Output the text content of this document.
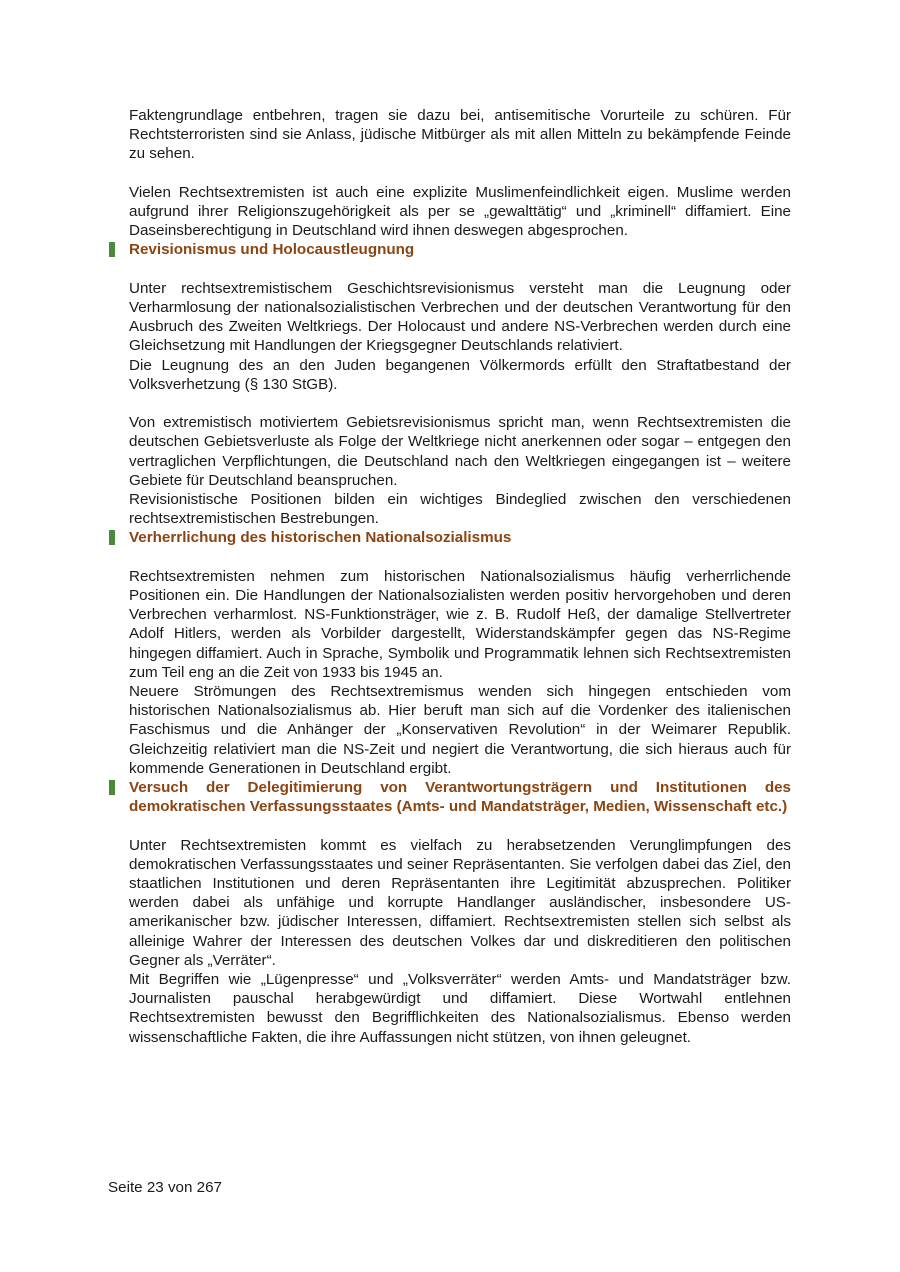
Faktengrundlage entbehren, tragen sie dazu bei, antisemitische Vorurteile zu schüren. Für Rechtsterroristen sind sie Anlass, jüdische Mitbürger als mit allen Mitteln zu bekämpfende Feinde zu sehen.

Vielen Rechtsextremisten ist auch eine explizite Muslimenfeindlichkeit eigen. Muslime werden aufgrund ihrer Religionszugehörigkeit als per se „gewalttätig“ und „kriminell“ diffamiert. Eine Daseinsberechtigung in Deutschland wird ihnen deswegen abgesprochen.

Revisionismus und Holocaustleugnung

Unter rechtsextremistischem Geschichtsrevisionismus versteht man die Leugnung oder Verharmlosung der nationalsozialistischen Verbrechen und der deutschen Verantwortung für den Ausbruch des Zweiten Weltkriegs. Der Holocaust und andere NS-Verbrechen werden durch eine Gleichsetzung mit Handlungen der Kriegsgegner Deutschlands relativiert.

Die Leugnung des an den Juden begangenen Völkermords erfüllt den Straftatbestand der Volksverhetzung (§ 130 StGB).

Von extremistisch motiviertem Gebietsrevisionismus spricht man, wenn Rechtsextremisten die deutschen Gebietsverluste als Folge der Weltkriege nicht anerkennen oder sogar – entgegen den vertraglichen Verpflichtungen, die Deutschland nach den Weltkriegen eingegangen ist – weitere Gebiete für Deutschland beanspruchen.

Revisionistische Positionen bilden ein wichtiges Bindeglied zwischen den verschiedenen rechtsextremistischen Bestrebungen.

Verherrlichung des historischen Nationalsozialismus

Rechtsextremisten nehmen zum historischen Nationalsozialismus häufig verherrlichende Positionen ein. Die Handlungen der Nationalsozialisten werden positiv hervorgehoben und deren Verbrechen verharmlost. NS-Funktionsträger, wie z. B. Rudolf Heß, der damalige Stellvertreter Adolf Hitlers, werden als Vorbilder dargestellt, Widerstandskämpfer gegen das NS-Regime hingegen diffamiert. Auch in Sprache, Symbolik und Programmatik lehnen sich Rechtsextremisten zum Teil eng an die Zeit von 1933 bis 1945 an.

Neuere Strömungen des Rechtsextremismus wenden sich hingegen entschieden vom historischen Nationalsozialismus ab. Hier beruft man sich auf die Vordenker des italienischen Faschismus und die Anhänger der „Konservativen Revolution“ in der Weimarer Republik. Gleichzeitig relativiert man die NS-Zeit und negiert die Verantwortung, die sich hieraus auch für kommende Generationen in Deutschland ergibt.

Versuch der Delegitimierung von Verantwortungsträgern und Institutionen des demokratischen Verfassungsstaates (Amts- und Mandatsträger, Medien, Wissenschaft etc.)

Unter Rechtsextremisten kommt es vielfach zu herabsetzenden Verunglimpfungen des demokratischen Verfassungsstaates und seiner Repräsentanten. Sie verfolgen dabei das Ziel, den staatlichen Institutionen und deren Repräsentanten ihre Legitimität abzusprechen. Politiker werden dabei als unfähige und korrupte Handlanger ausländischer, insbesondere US-amerikanischer bzw. jüdischer Interessen, diffamiert. Rechtsextremisten stellen sich selbst als alleinige Wahrer der Interessen des deutschen Volkes dar und diskreditieren den politischen Gegner als „Verräter“.

Mit Begriffen wie „Lügenpresse“ und „Volksverräter“ werden Amts- und Mandatsträger bzw. Journalisten pauschal herabgewürdigt und diffamiert. Diese Wortwahl entlehnen Rechtsextremisten bewusst den Begrifflichkeiten des Nationalsozialismus. Ebenso werden wissenschaftliche Fakten, die ihre Auffassungen nicht stützen, von ihnen geleugnet.

Seite 23 von 267
